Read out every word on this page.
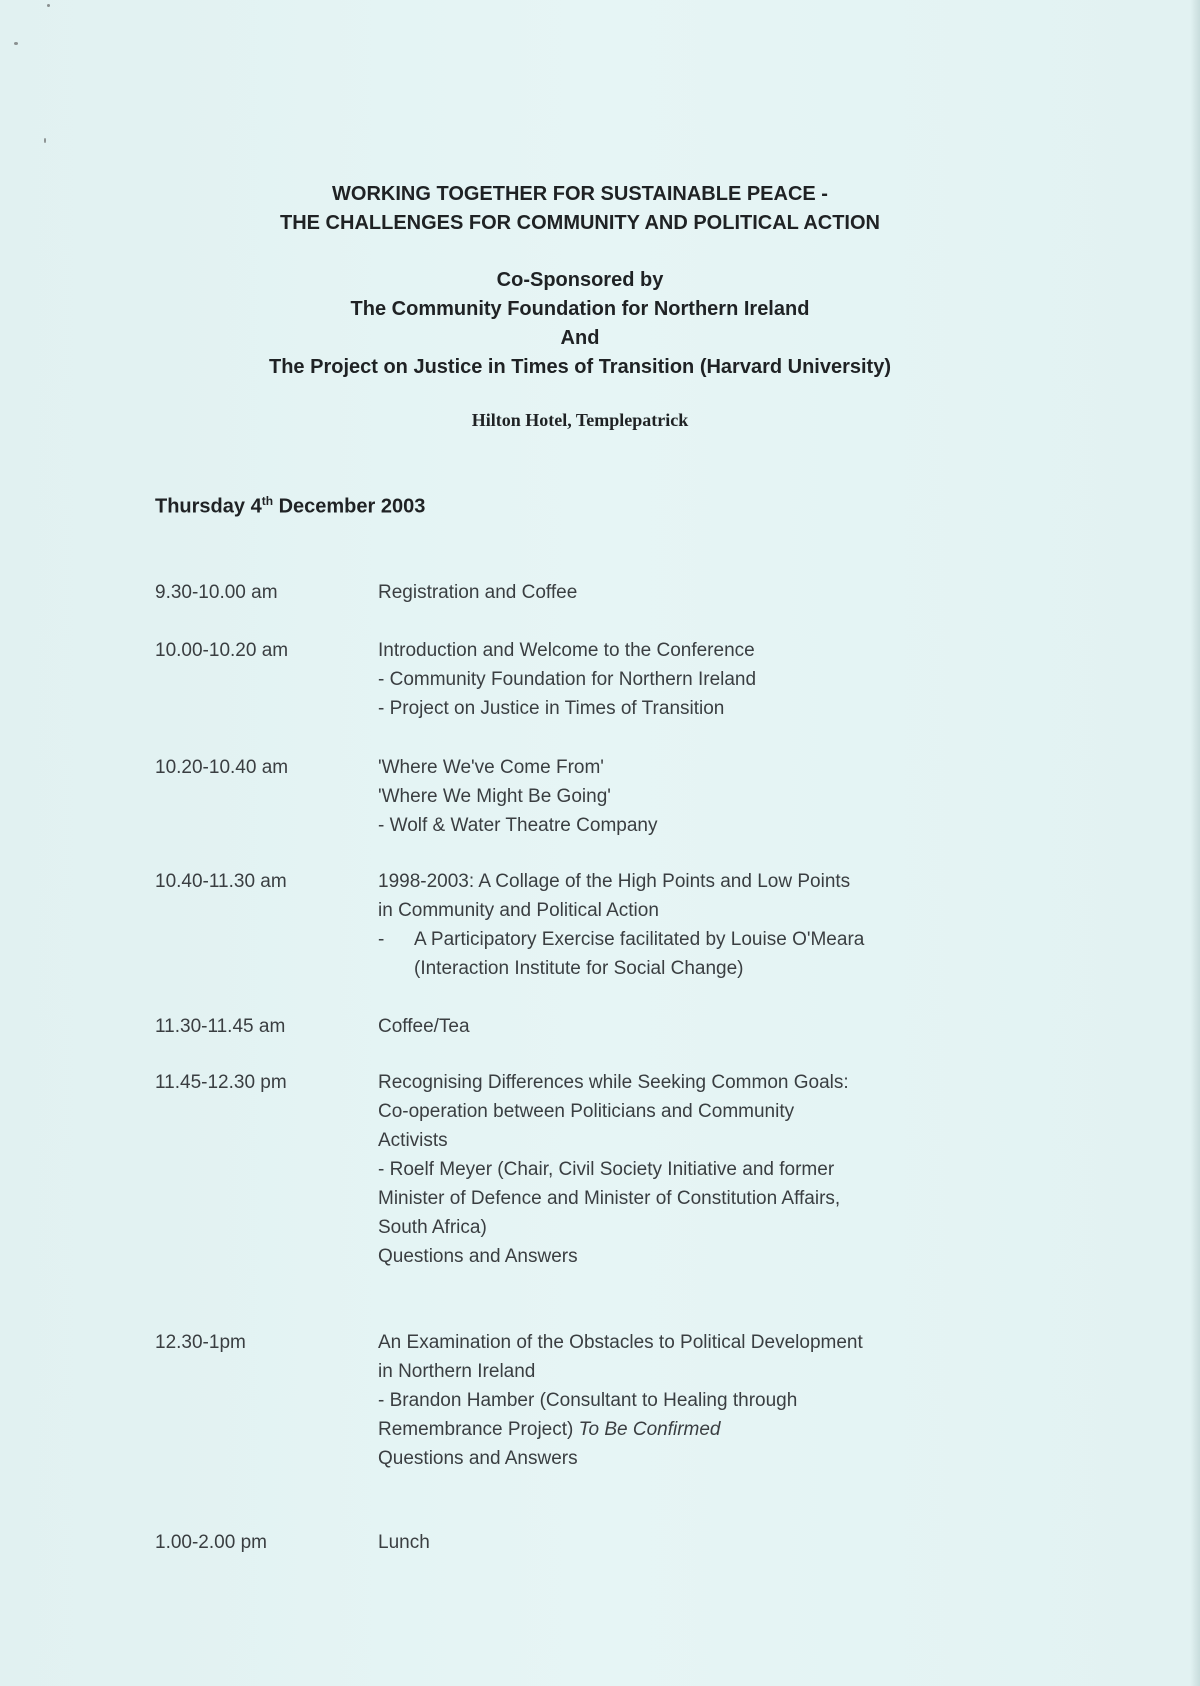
WORKING TOGETHER FOR SUSTAINABLE PEACE -
THE CHALLENGES FOR COMMUNITY AND POLITICAL ACTION
Co-Sponsored by
The Community Foundation for Northern Ireland
And
The Project on Justice in Times of Transition (Harvard University)
Hilton Hotel, Templepatrick
Thursday 4th December 2003
9.30-10.00 am	Registration and Coffee
10.00-10.20 am	Introduction and Welcome to the Conference
- Community Foundation for Northern Ireland
- Project on Justice in Times of Transition
10.20-10.40 am	'Where We've Come From'
'Where We Might Be Going'
- Wolf & Water Theatre Company
10.40-11.30 am	1998-2003: A Collage of the High Points and Low Points
in Community and Political Action
- A Participatory Exercise facilitated by Louise O'Meara
(Interaction Institute for Social Change)
11.30-11.45 am	Coffee/Tea
11.45-12.30 pm	Recognising Differences while Seeking Common Goals:
Co-operation between Politicians and Community
Activists
- Roelf Meyer (Chair, Civil Society Initiative and former
Minister of Defence and Minister of Constitution Affairs,
South Africa)
Questions and Answers
12.30-1pm	An Examination of the Obstacles to Political Development
in Northern Ireland
- Brandon Hamber (Consultant to Healing through
Remembrance Project) To Be Confirmed
Questions and Answers
1.00-2.00 pm	Lunch
